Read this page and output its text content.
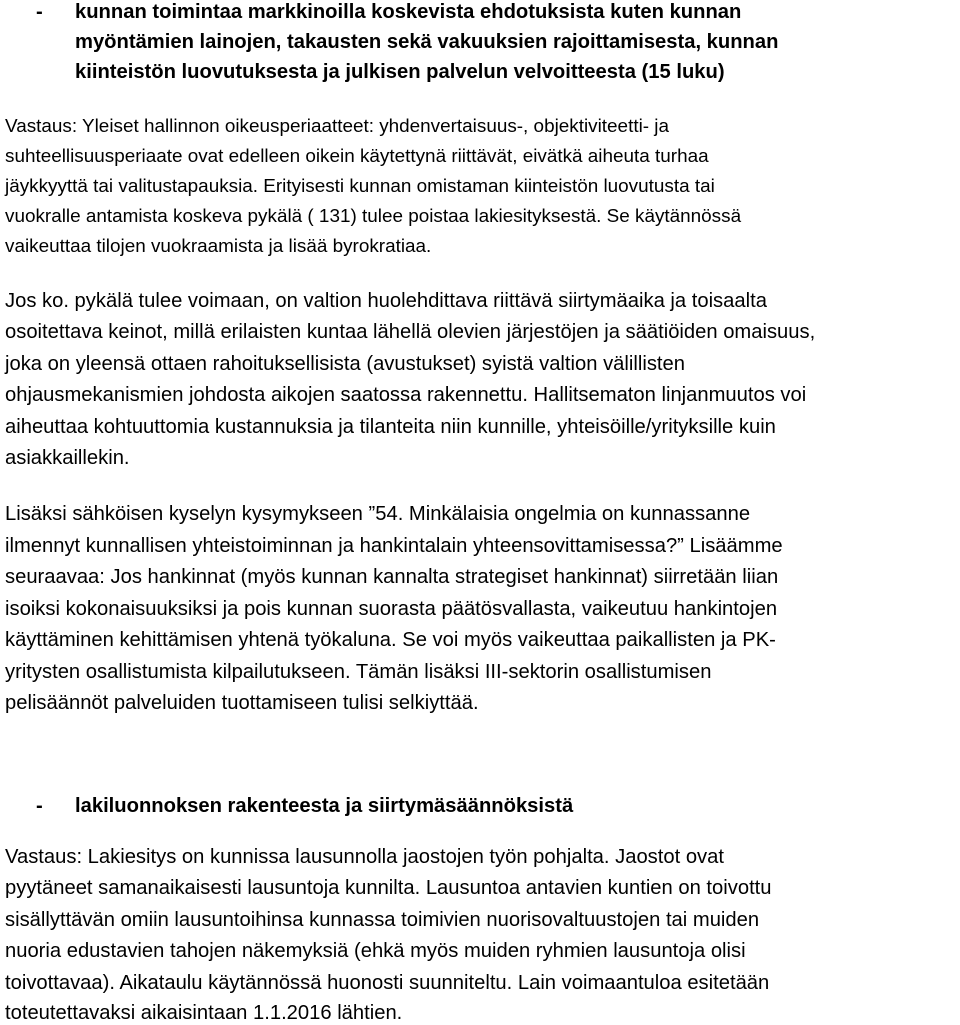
- kunnan toimintaa markkinoilla koskevista ehdotuksista kuten kunnan
myöntämien lainojen, takausten sekä vakuuksien rajoittamisesta, kunnan
kiinteistön luovutuksesta ja julkisen palvelun velvoitteesta (15 luku)
Vastaus: Yleiset hallinnon oikeusperiaatteet: yhdenvertaisuus-, objektiviteetti- ja
suhteellisuusperiaate ovat edelleen oikein käytettynä riittävät, eivätkä aiheuta turhaa
jäykkyyttä tai valitustapauksia. Erityisesti kunnan omistaman kiinteistön luovutusta tai
vuokralle antamista koskeva pykälä ( 131) tulee poistaa lakiesityksestä. Se käytännössä
vaikeuttaa tilojen vuokraamista ja lisää byrokratiaa.
Jos ko. pykälä tulee voimaan, on valtion huolehdittava riittävä siirtymäaika ja toisaalta
osoitettava keinot, millä erilaisten kuntaa lähellä olevien järjestöjen ja säätiöiden omaisuus,
joka on yleensä ottaen rahoituksellisista (avustukset) syistä valtion välillisten
ohjausmekanismien johdosta aikojen saatossa rakennettu. Hallitsematon linjanmuutos voi
aiheuttaa kohtuuttomia kustannuksia ja tilanteita niin kunnille, yhteisöille/yrityksille kuin
asiakkaillekin.
Lisäksi sähköisen kyselyn kysymykseen ”54. Minkälaisia ongelmia on kunnassanne
ilmennyt kunnallisen yhteistoiminnan ja hankintalain yhteensovittamisessa?” Lisäämme
seuraavaa: Jos hankinnat (myös kunnan kannalta strategiset hankinnat) siirretään liian
isoiksi kokonaisuuksiksi ja pois kunnan suorasta päätösvallasta, vaikeutuu hankintojen
käyttäminen kehittämisen yhtenä työkaluna. Se voi myös vaikeuttaa paikallisten ja PK-
yritysten osallistumista kilpailutukseen. Tämän lisäksi III-sektorin osallistumisen
pelisäännöt palveluiden tuottamiseen tulisi selkiyttää.
- lakiluonnoksen rakenteesta ja siirtymäsäännöksistä
Vastaus: Lakiesitys on kunnissa lausunnolla jaostojen työn pohjalta. Jaostot ovat
pyytäneet samanaikaisesti lausuntoja kunnilta. Lausuntoa antavien kuntien on toivottu
sisällyttävän omiin lausuntoihinsa kunnassa toimivien nuorisovaltuustojen tai muiden
nuoria edustavien tahojen näkemyksiä (ehkä myös muiden ryhmien lausuntoja olisi
toivottavaa). Aikataulu käytännössä huonosti suunniteltu. Lain voimaantuloa esitetään
toteutettavaksi aikaisintaan 1.1.2016 lähtien.
